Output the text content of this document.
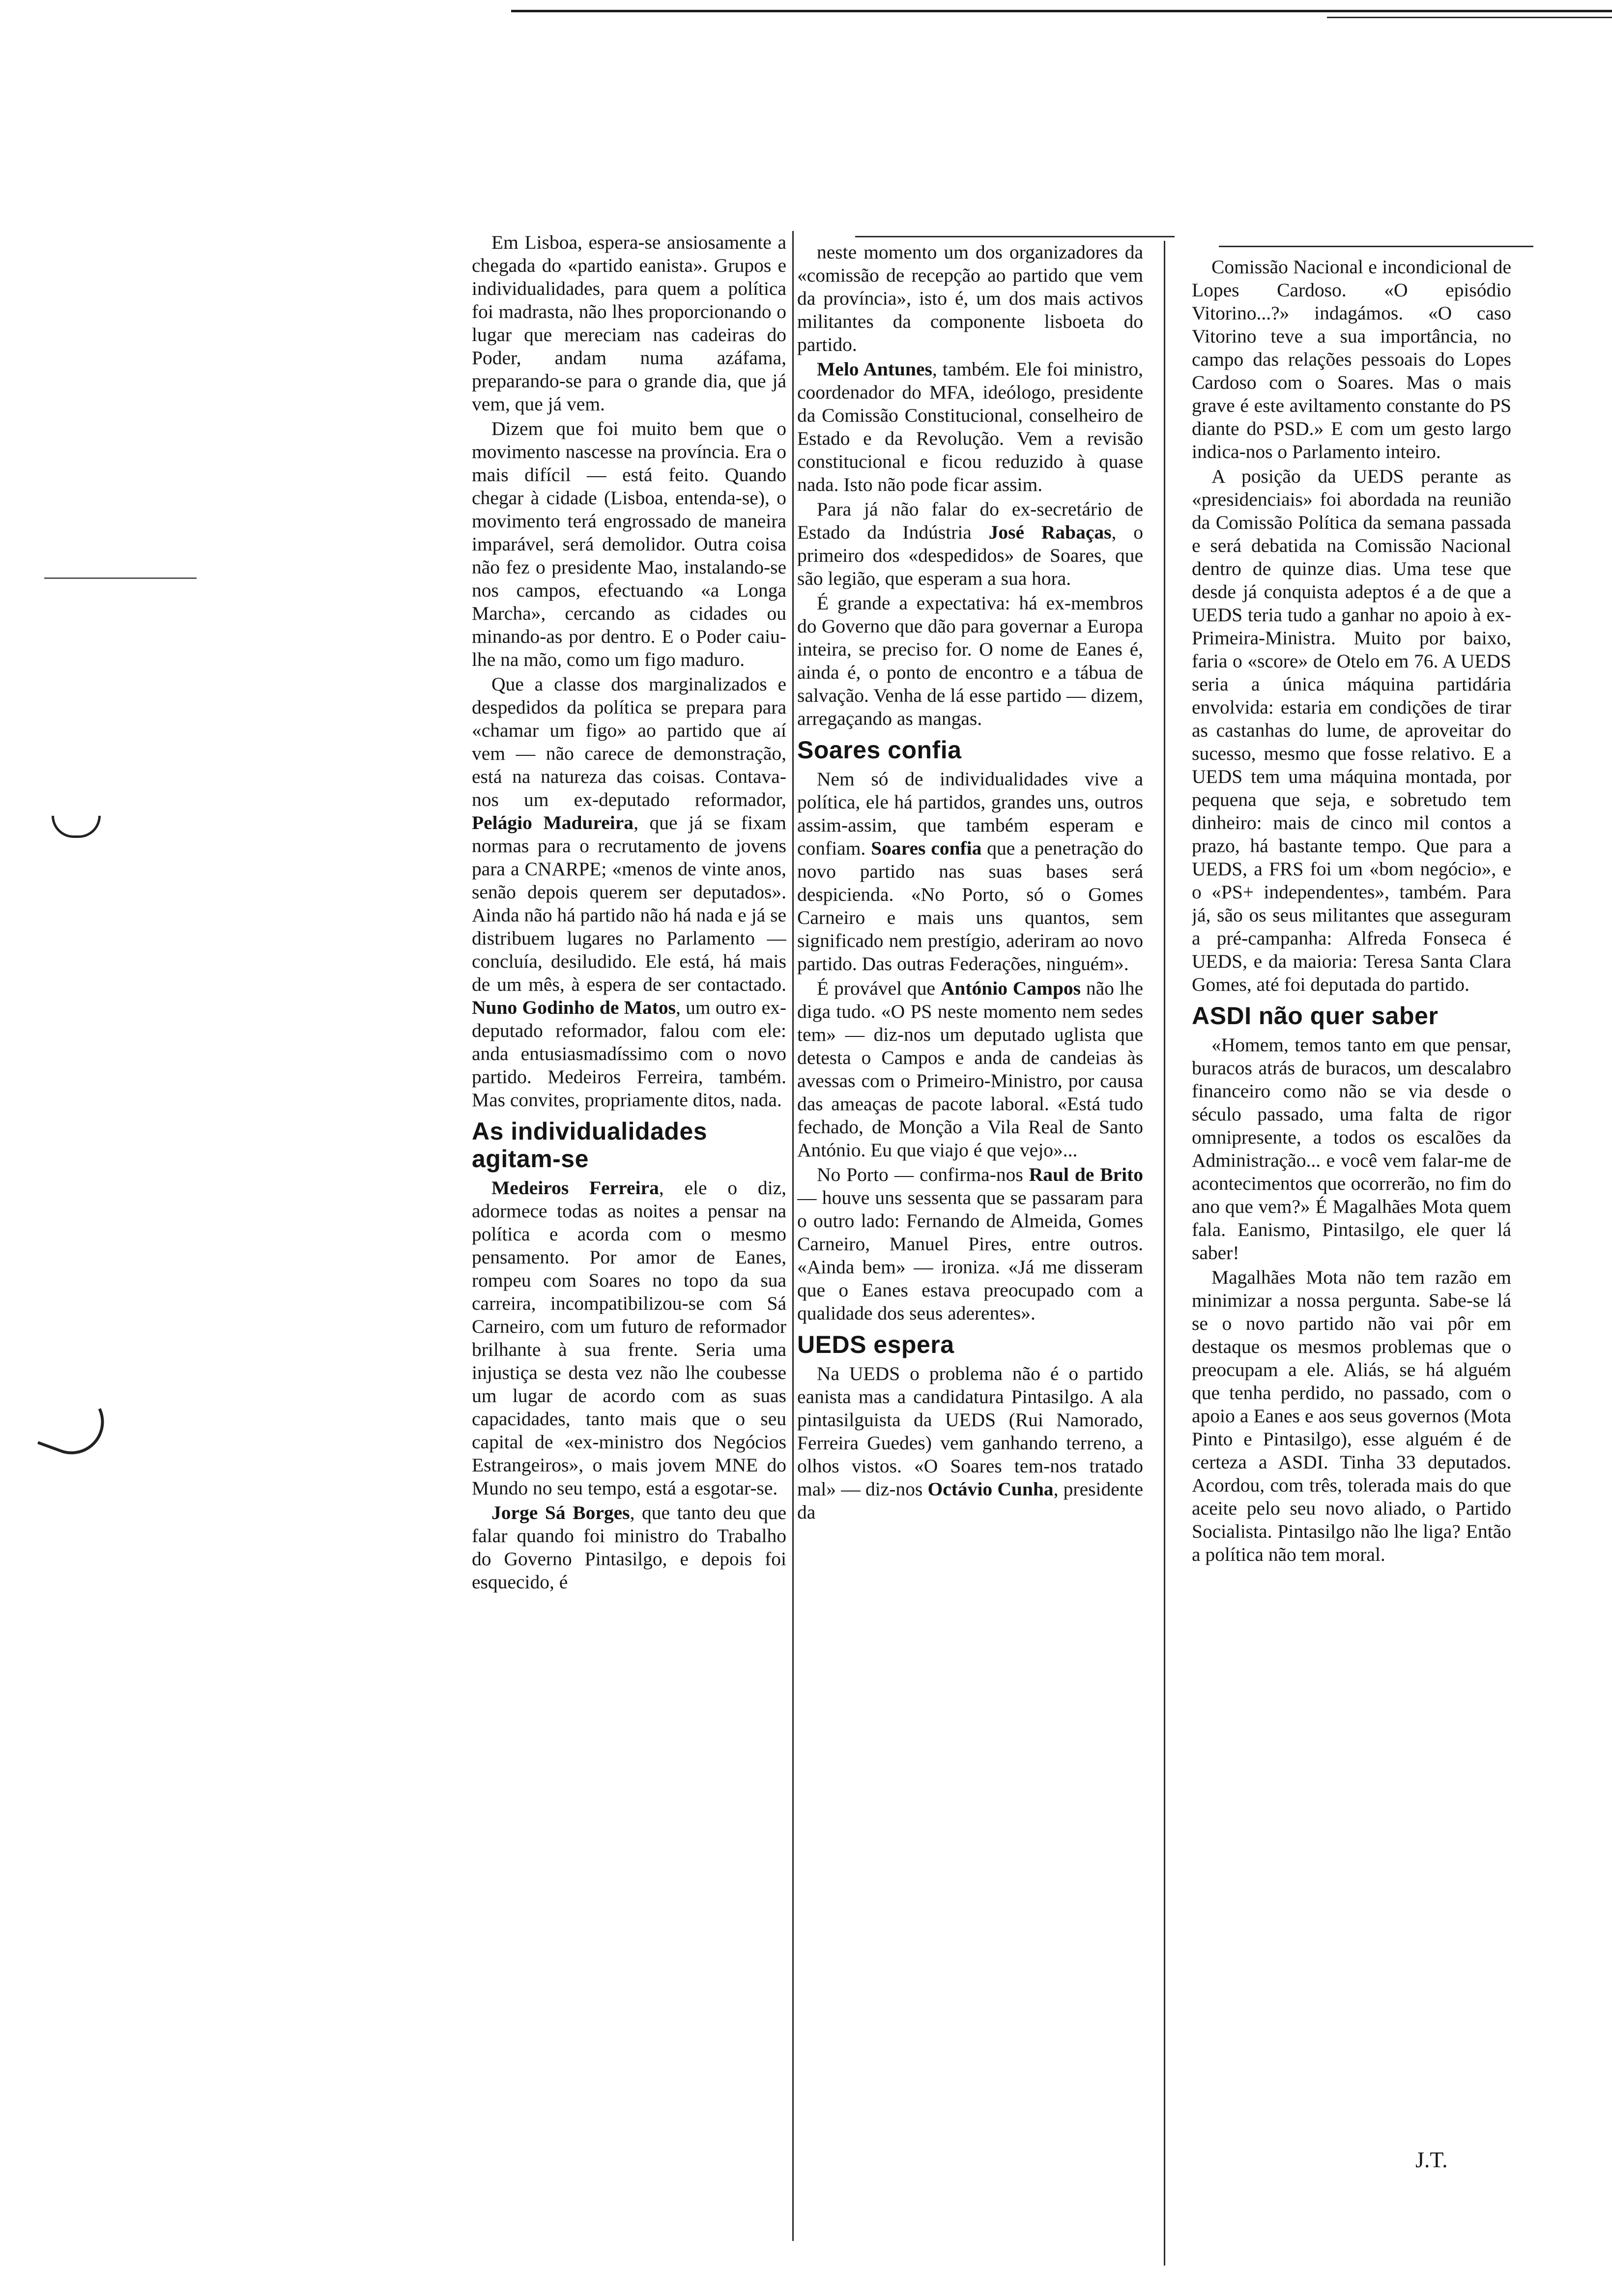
Em Lisboa, espera-se ansiosamente a chegada do «partido eanista». Grupos e individualidades, para quem a política foi madrasta, não lhes proporcionando o lugar que mereciam nas cadeiras do Poder, andam numa azáfama, preparando-se para o grande dia, que já vem, que já vem.

Dizem que foi muito bem que o movimento nascesse na província. Era o mais difícil — está feito. Quando chegar à cidade (Lisboa, entenda-se), o movimento terá engrossado de maneira imparável, será demolidor. Outra coisa não fez o presidente Mao, instalando-se nos campos, efectuando «a Longa Marcha», cercando as cidades ou minando-as por dentro. E o Poder caiu-lhe na mão, como um figo maduro.

Que a classe dos marginalizados e despedidos da política se prepara para «chamar um figo» ao partido que aí vem — não carece de demonstração, está na natureza das coisas. Contava-nos um ex-deputado reformador, Pelágio Madureira, que já se fixam normas para o recrutamento de jovens para a CNARPE; «menos de vinte anos, senão depois querem ser deputados». Ainda não há partido não há nada e já se distribuem lugares no Parlamento — concluía, desiludido. Ele está, há mais de um mês, à espera de ser contactado. Nuno Godinho de Matos, um outro ex-deputado reformador, falou com ele: anda entusiasmadíssimo com o novo partido. Medeiros Ferreira, também. Mas convites, propriamente ditos, nada.

As individualidades agitam-se

Medeiros Ferreira, ele o diz, adormece todas as noites a pensar na política e acorda com o mesmo pensamento. Por amor de Eanes, rompeu com Soares no topo da sua carreira, incompatibilizou-se com Sá Carneiro, com um futuro de reformador brilhante à sua frente. Seria uma injustiça se desta vez não lhe coubesse um lugar de acordo com as suas capacidades, tanto mais que o seu capital de «ex-ministro dos Negócios Estrangeiros», o mais jovem MNE do Mundo no seu tempo, está a esgotar-se.

Jorge Sá Borges, que tanto deu que falar quando foi ministro do Trabalho do Governo Pintasilgo, e depois foi esquecido, é

neste momento um dos organizadores da «comissão de recepção ao partido que vem da província», isto é, um dos mais activos militantes da componente lisboeta do partido.

Melo Antunes, também. Ele foi ministro, coordenador do MFA, ideólogo, presidente da Comissão Constitucional, conselheiro de Estado e da Revolução. Vem a revisão constitucional e ficou reduzido à quase nada. Isto não pode ficar assim.

Para já não falar do ex-secretário de Estado da Indústria José Rabaças, o primeiro dos «despedidos» de Soares, que são legião, que esperam a sua hora.

É grande a expectativa: há ex-membros do Governo que dão para governar a Europa inteira, se preciso for. O nome de Eanes é, ainda é, o ponto de encontro e a tábua de salvação. Venha de lá esse partido — dizem, arregaçando as mangas.

Soares confia

Nem só de individualidades vive a política, ele há partidos, grandes uns, outros assim-assim, que também esperam e confiam. Soares confia que a penetração do novo partido nas suas bases será despicienda. «No Porto, só o Gomes Carneiro e mais uns quantos, sem significado nem prestígio, aderiram ao novo partido. Das outras Federações, ninguém».

É provável que António Campos não lhe diga tudo. «O PS neste momento nem sedes tem» — diz-nos um deputado uglista que detesta o Campos e anda de candeias às avessas com o Primeiro-Ministro, por causa das ameaças de pacote laboral. «Está tudo fechado, de Monção a Vila Real de Santo António. Eu que viajo é que vejo»...

No Porto — confirma-nos Raul de Brito — houve uns sessenta que se passaram para o outro lado: Fernando de Almeida, Gomes Carneiro, Manuel Pires, entre outros. «Ainda bem» — ironiza. «Já me disseram que o Eanes estava preocupado com a qualidade dos seus aderentes».

UEDS espera

Na UEDS o problema não é o partido eanista mas a candidatura Pintasilgo. A ala pintasilguista da UEDS (Rui Namorado, Ferreira Guedes) vem ganhando terreno, a olhos vistos. «O Soares tem-nos tratado mal» — diz-nos Octávio Cunha, presidente da

Comissão Nacional e incondicional de Lopes Cardoso. «O episódio Vitorino...?» indagámos. «O caso Vitorino teve a sua importância, no campo das relações pessoais do Lopes Cardoso com o Soares. Mas o mais grave é este aviltamento constante do PS diante do PSD.» E com um gesto largo indica-nos o Parlamento inteiro.

A posição da UEDS perante as «presidenciais» foi abordada na reunião da Comissão Política da semana passada e será debatida na Comissão Nacional dentro de quinze dias. Uma tese que desde já conquista adeptos é a de que a UEDS teria tudo a ganhar no apoio à ex-Primeira-Ministra. Muito por baixo, faria o «score» de Otelo em 76. A UEDS seria a única máquina partidária envolvida: estaria em condições de tirar as castanhas do lume, de aproveitar do sucesso, mesmo que fosse relativo. E a UEDS tem uma máquina montada, por pequena que seja, e sobretudo tem dinheiro: mais de cinco mil contos a prazo, há bastante tempo. Que para a UEDS, a FRS foi um «bom negócio», e o «PS+ independentes», também. Para já, são os seus militantes que asseguram a pré-campanha: Alfreda Fonseca é UEDS, e da maioria: Teresa Santa Clara Gomes, até foi deputada do partido.

ASDI não quer saber

«Homem, temos tanto em que pensar, buracos atrás de buracos, um descalabro financeiro como não se via desde o século passado, uma falta de rigor omnipresente, a todos os escalões da Administração... e você vem falar-me de acontecimentos que ocorrerão, no fim do ano que vem?» É Magalhães Mota quem fala. Eanismo, Pintasilgo, ele quer lá saber!

Magalhães Mota não tem razão em minimizar a nossa pergunta. Sabe-se lá se o novo partido não vai pôr em destaque os mesmos problemas que o preocupam a ele. Aliás, se há alguém que tenha perdido, no passado, com o apoio a Eanes e aos seus governos (Mota Pinto e Pintasilgo), esse alguém é de certeza a ASDI. Tinha 33 deputados. Acordou, com três, tolerada mais do que aceite pelo seu novo aliado, o Partido Socialista. Pintasilgo não lhe liga? Então a política não tem moral.

J.T.
